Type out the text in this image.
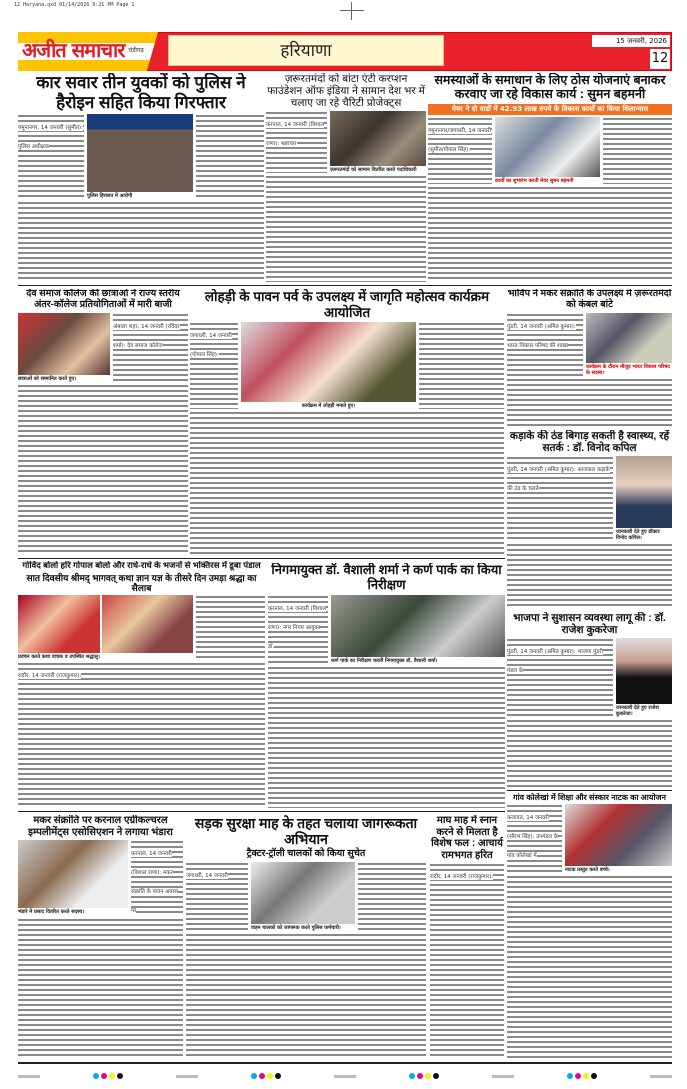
12 Haryana.qxd 01/14/2026 9:21 PM Page 1
अजीत समाचार चंडीगढ़	हरियाणा	15 जनवरी, 2026
12
कार सवार तीन युवकों को पुलिस ने हैरोइन सहित किया गिरफ्तार
यमुनानगर, 14 जनवरी (सुमीत): पुलिस अधीक्षक
पुलिस हिरासत में आरोपी
ज़रूरतमंदों को बांटा एंटी करप्शन फाउंडेशन ऑफ इंडिया ने सामान देश भर में चलाए जा रहे चैरिटी प्रोजेक्ट्स
करनाल, 14 जनवरी (विशाल राणा): भ्रष्टाचार
ज़रूरतमंदों को सामान वितरित करते पदाधिकारी
समस्याओं के समाधान के लिए ठोस योजनाएं बनाकर करवाए जा रहे विकास कार्य : सुमन बहमनी
मेयर ने दो वार्डों में 42.93 लाख रुपये के विकास कार्यों का किया शिलान्यास
यमुनानगर/जगाधरी, 14 जनवरी (सुमीत/गोपाल सिंह):
कार्यों का शुभारंभ करती मेयर सुमन बहमनी
देव समाज कॉलेज की छात्राओं ने राज्य स्तरीय अंतर-कॉलेज प्रतियोगिताओं में मारी बाजी
छात्राओं को सम्मानित करते हुए।
अंबाला शहर, 14 जनवरी (रविंदर शर्मा): देव समाज कॉलेज
लोहड़ी के पावन पर्व के उपलक्ष्य में जागृति महोत्सव कार्यक्रम आयोजित
जगाधरी, 14 जनवरी (गोपाल सिंह):
कार्यक्रम में लोहड़ी मनाते हुए।
भाविप ने मकर संक्रांति के उपलक्ष्य में ज़रूरतमंदों को कंबल बांटे
पुंडरी, 14 जनवरी (अमित कुमार): भारत विकास परिषद की शाखा
कार्यक्रम के दौरान मौजूद भारत विकास परिषद के सदस्य।
कड़ाके की ठंड बिगाड़ सकती है स्वास्थ्य, रहें सतर्क : डॉ. विनोद कपिल
पुंडरी, 14 जनवरी (अमित कुमार): आजकल कड़ाके की ठंड के चलते
जानकारी देते हुए डॉक्टर विनोद कपिल।
भाजपा ने सुशासन व्यवस्था लागू की : डॉ. राजेश कुकरेजा
पुंडरी, 14 जनवरी (अमित कुमार): भाजपा पुंडरी मंडल के
जानकारी देते हुए राजेश कुकरेजा।
गोविंद बोलो हरि गोपाल बोलो और राधे-राधे के भजनों से भक्तिरस में डूबा पंडाल
सात दिवसीय श्रीमद् भागवत् कथा ज्ञान यज्ञ के तीसरे दिन उमड़ा श्रद्धा का सैलाब
प्रवचन करते कथा वाचक व उपस्थित श्रद्धालु।
रादौर, 14 जनवरी (राजकुमार):
निगमायुक्त डॉ. वैशाली शर्मा ने कर्ण पार्क का किया निरीक्षण
करनाल, 14 जनवरी (विशाल राणा): नगर निगम आयुक्त डॉ.
कर्ण पार्क का निरीक्षण करतीं निगमायुक्त डॉ. वैशाली शर्मा।
गांव कोलेखां में शिक्षा और संस्कार नाटक का आयोजन
कलायत, 14 जनवरी (सौरभ सिंह): उपमंडल के गांव कोलेखां में
नाटक प्रस्तुत करते बच्चे।
मकर संक्रांति पर करनाल एग्रीकल्चरल इम्पलीमेंट्स एसोसिएशन ने लगाया भंडारा
भंडारे में प्रसाद वितरित करते सदस्य।
करनाल, 14 जनवरी (विशाल राणा): मकर संक्रांति के पावन अवसर पर
सड़क सुरक्षा माह के तहत चलाया जागरूकता अभियान
ट्रैक्टर-ट्रॉली चालकों को किया सुचेत
जगाधरी, 14 जनवरी
वाहन चालकों को जागरूक करते पुलिस कर्मचारी।
माघ माह में स्नान करने से मिलता है विशेष फल : आचार्य रामभगत हरित
रादौर, 14 जनवरी (राजकुमार):
